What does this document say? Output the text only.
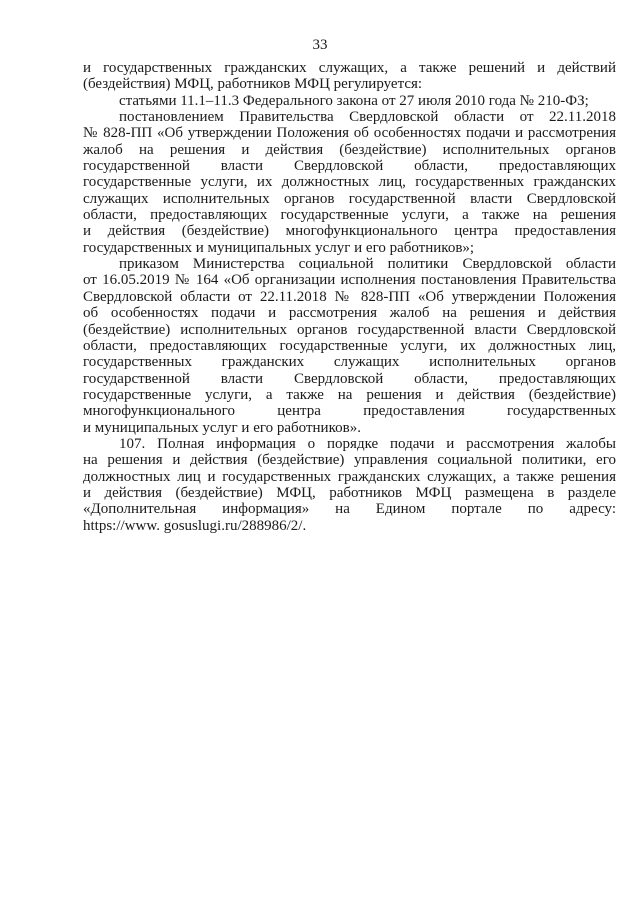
33
и государственных гражданских служащих, а также решений и действий
(бездействия) МФЦ, работников МФЦ регулируется:
статьями 11.1–11.3 Федерального закона от 27 июля 2010 года № 210-ФЗ;
постановлением Правительства Свердловской области от 22.11.2018
№ 828-ПП «Об утверждении Положения об особенностях подачи и рассмотрения
жалоб на решения и действия (бездействие) исполнительных органов
государственной власти Свердловской области, предоставляющих
государственные услуги, их должностных лиц, государственных гражданских
служащих исполнительных органов государственной власти Свердловской
области, предоставляющих государственные услуги, а также на решения
и действия (бездействие) многофункционального центра предоставления
государственных и муниципальных услуг и его работников»;
приказом Министерства социальной политики Свердловской области
от 16.05.2019 № 164 «Об организации исполнения постановления Правительства
Свердловской области от 22.11.2018 № 828-ПП «Об утверждении Положения
об особенностях подачи и рассмотрения жалоб на решения и действия
(бездействие) исполнительных органов государственной власти Свердловской
области, предоставляющих государственные услуги, их должностных лиц,
государственных гражданских служащих исполнительных органов
государственной власти Свердловской области, предоставляющих
государственные услуги, а также на решения и действия (бездействие)
многофункционального центра предоставления государственных
и муниципальных услуг и его работников».
107. Полная информация о порядке подачи и рассмотрения жалобы
на решения и действия (бездействие) управления социальной политики, его
должностных лиц и государственных гражданских служащих, а также решения
и действия (бездействие) МФЦ, работников МФЦ размещена в разделе
«Дополнительная информация» на Едином портале по адресу:
https://www. gosuslugi.ru/288986/2/.
